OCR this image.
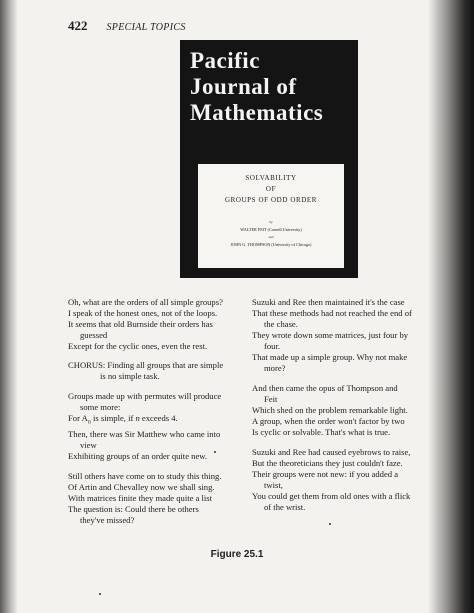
422 SPECIAL TOPICS
Pacific
Journal of
Mathematics
SOLVABILITY
OF
GROUPS OF ODD ORDER
by
WALTER FEIT (Cornell University)
and
JOHN G. THOMPSON (University of Chicago)
Oh, what are the orders of all simple groups?
I speak of the honest ones, not of the loops.
It seems that old Burnside their orders has
guessed
Except for the cyclic ones, even the rest.
CHORUS: Finding all groups that are simple
is no simple task.
Groups made up with permutes will produce
some more:
For $A_n$ is simple, if n exceeds 4.
Then, there was Sir Matthew who came into
view
Exhibiting groups of an order quite new.
Still others have come on to study this thing.
Of Artin and Chevalley now we shall sing.
With matrices finite they made quite a list
The question is: Could there be others
they've missed?
Suzuki and Ree then maintained it's the case
That these methods had not reached the end of
the chase.
They wrote down some matrices, just four by
four.
That made up a simple group. Why not make
more?
And then came the opus of Thompson and
Feit
Which shed on the problem remarkable light.
A group, when the order won't factor by two
Is cyclic or solvable. That's what is true.
Suzuki and Ree had caused eyebrows to raise,
But the theoreticians they just couldn't faze.
Their groups were not new: if you added a
twist,
You could get them from old ones with a flick
of the wrist.
Figure 25.1
